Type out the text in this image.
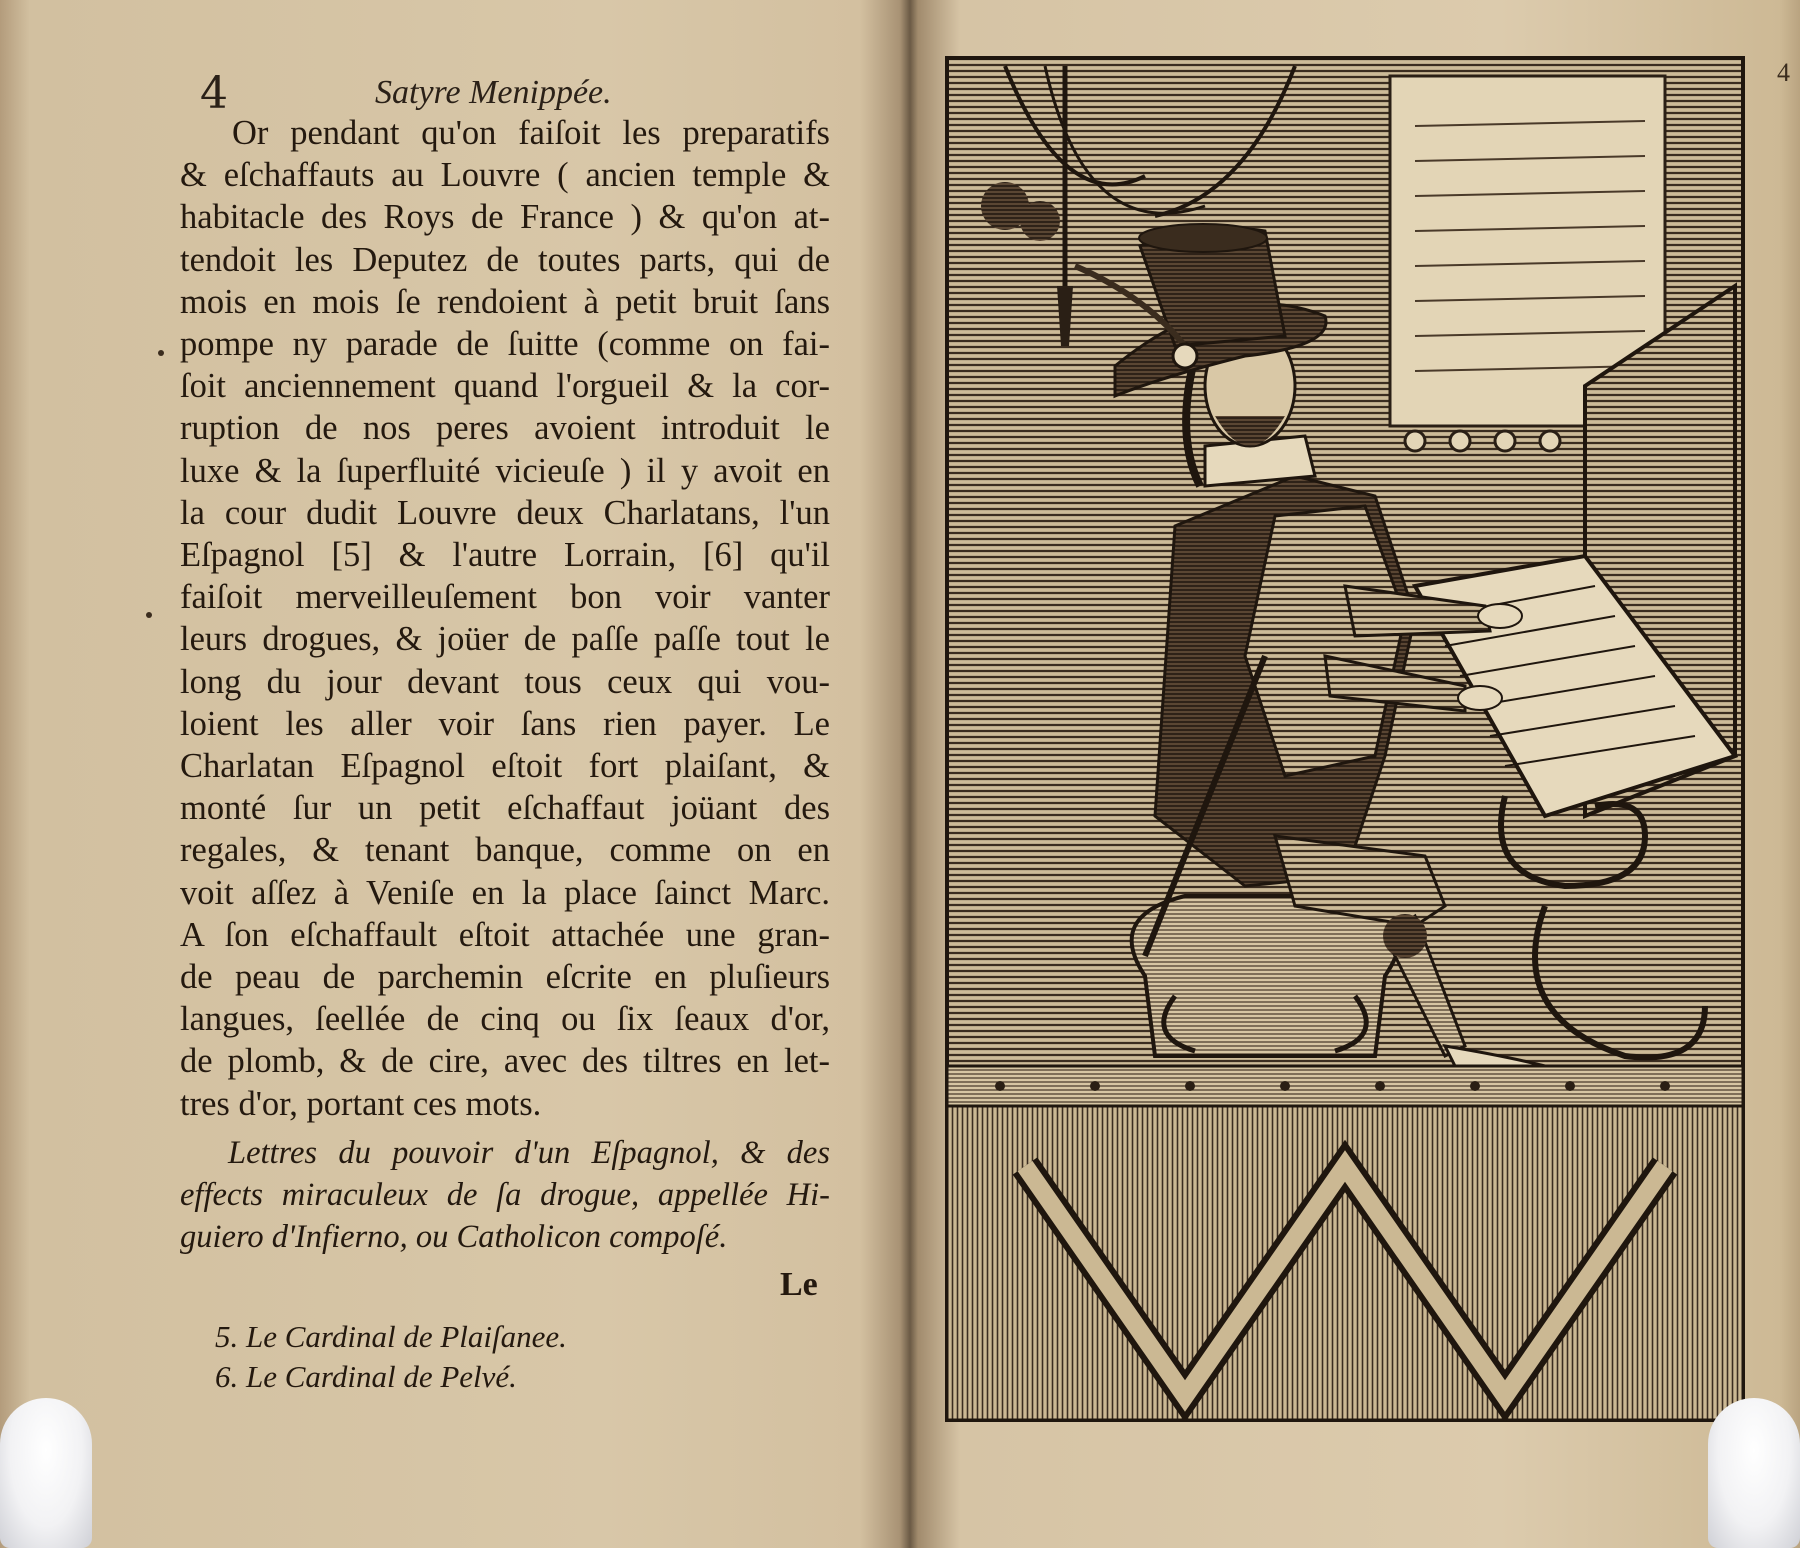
4	Satyre Menippée.
Or pendant qu'on faiſoit les preparatifs
& eſchaffauts au Louvre ( ancien temple &
habitacle des Roys de France ) & qu'on at-
tendoit les Deputez de toutes parts, qui de
mois en mois ſe rendoient à petit bruit ſans
pompe ny parade de ſuitte (comme on fai-
ſoit anciennement quand l'orgueil & la cor-
ruption de nos peres avoient introduit le
luxe & la ſuperfluité vicieuſe ) il y avoit en
la cour dudit Louvre deux Charlatans, l'un
Eſpagnol [5] & l'autre Lorrain, [6] qu'il
faiſoit merveilleuſement bon voir vanter
leurs drogues, & joüer de paſſe paſſe tout le
long du jour devant tous ceux qui vou-
loient les aller voir ſans rien payer. Le
Charlatan Eſpagnol eſtoit fort plaiſant, &
monté ſur un petit eſchaffaut joüant des
regales, & tenant banque, comme on en
voit aſſez à Veniſe en la place ſainct Marc.
A ſon eſchaffault eſtoit attachée une gran-
de peau de parchemin eſcrite en pluſieurs
langues, ſeellée de cinq ou ſix ſeaux d'or,
de plomb, & de cire, avec des tiltres en let-
tres d'or, portant ces mots.
Lettres du pouvoir d'un Eſpagnol, & des
effects miraculeux de ſa drogue, appellée Hi-
guiero d'Infierno, ou Catholicon compoſé.
Le
5. Le Cardinal de Plaiſanee.
6. Le Cardinal de Pelvé.
4
